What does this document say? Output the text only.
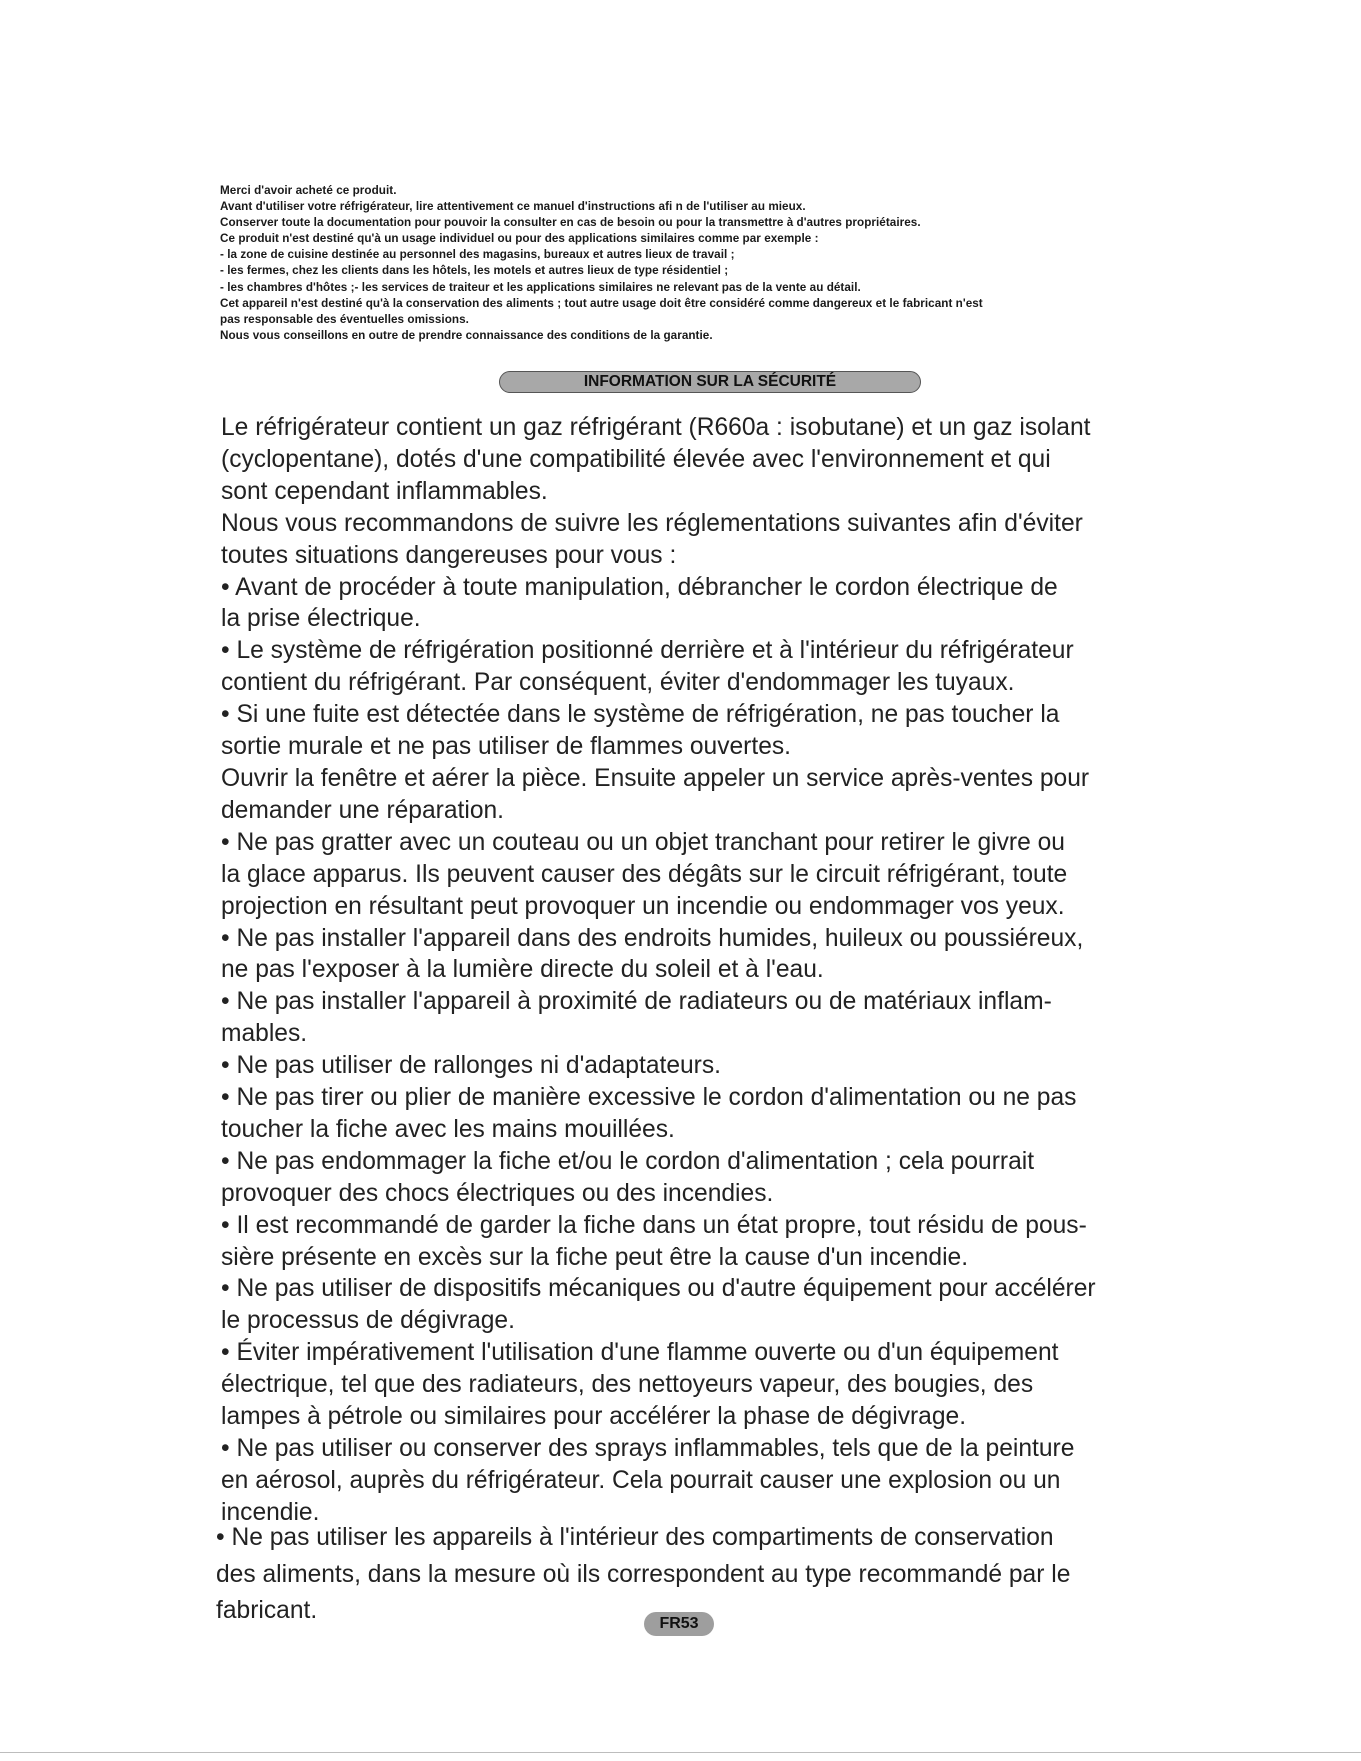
Merci d'avoir acheté ce produit.
Avant d'utiliser votre réfrigérateur, lire attentivement ce manuel d'instructions afi n de l'utiliser au mieux.
Conserver toute la documentation pour pouvoir la consulter en cas de besoin ou pour la transmettre à d'autres propriétaires.
Ce produit n'est destiné qu'à un usage individuel ou pour des applications similaires comme par exemple :
- la zone de cuisine destinée au personnel des magasins, bureaux et autres lieux de travail ;
- les fermes, chez les clients dans les hôtels, les motels et autres lieux de type résidentiel ;
- les chambres d'hôtes ;- les services de traiteur et les applications similaires ne relevant pas de la vente au détail.
Cet appareil n'est destiné qu'à la conservation des aliments ; tout autre usage doit être considéré comme dangereux et le fabricant n'est
pas responsable des éventuelles omissions.
Nous vous conseillons en outre de prendre connaissance des conditions de la garantie.
INFORMATION SUR LA SÉCURITÉ
Le réfrigérateur contient un gaz réfrigérant (R660a : isobutane) et un gaz isolant
(cyclopentane), dotés d'une compatibilité élevée avec l'environnement et qui
sont cependant inflammables.
Nous vous recommandons de suivre les réglementations suivantes afin d'éviter
toutes situations dangereuses pour vous :
• Avant de procéder à toute manipulation, débrancher le cordon électrique de
la prise électrique.
• Le système de réfrigération positionné derrière et à l'intérieur du réfrigérateur
contient du réfrigérant. Par conséquent, éviter d'endommager les tuyaux.
• Si une fuite est détectée dans le système de réfrigération, ne pas toucher la
sortie murale et ne pas utiliser de flammes ouvertes.
Ouvrir la fenêtre et aérer la pièce. Ensuite appeler un service après-ventes pour
demander une réparation.
• Ne pas gratter avec un couteau ou un objet tranchant pour retirer le givre ou
la glace apparus. Ils peuvent causer des dégâts sur le circuit réfrigérant, toute
projection en résultant peut provoquer un incendie ou endommager vos yeux.
• Ne pas installer l'appareil dans des endroits humides, huileux ou poussiéreux,
ne pas l'exposer à la lumière directe du soleil et à l'eau.
• Ne pas installer l'appareil à proximité de radiateurs ou de matériaux inflam-
mables.
• Ne pas utiliser de rallonges ni d'adaptateurs.
• Ne pas tirer ou plier de manière excessive le cordon d'alimentation ou ne pas
toucher la fiche avec les mains mouillées.
• Ne pas endommager la fiche et/ou le cordon d'alimentation ; cela pourrait
provoquer des chocs électriques ou des incendies.
• Il est recommandé de garder la fiche dans un état propre, tout résidu de pous-
sière présente en excès sur la fiche peut être la cause d'un incendie.
• Ne pas utiliser de dispositifs mécaniques ou d'autre équipement pour accélérer
le processus de dégivrage.
• Éviter impérativement l'utilisation d'une flamme ouverte ou d'un équipement
électrique, tel que des radiateurs, des nettoyeurs vapeur, des bougies, des
lampes à pétrole ou similaires pour accélérer la phase de dégivrage.
• Ne pas utiliser ou conserver des sprays inflammables, tels que de la peinture
en aérosol, auprès du réfrigérateur. Cela pourrait causer une explosion ou un
incendie.
• Ne pas utiliser les appareils à l'intérieur des compartiments de conservation
des aliments, dans la mesure où ils correspondent au type recommandé par le
fabricant.	FR53
